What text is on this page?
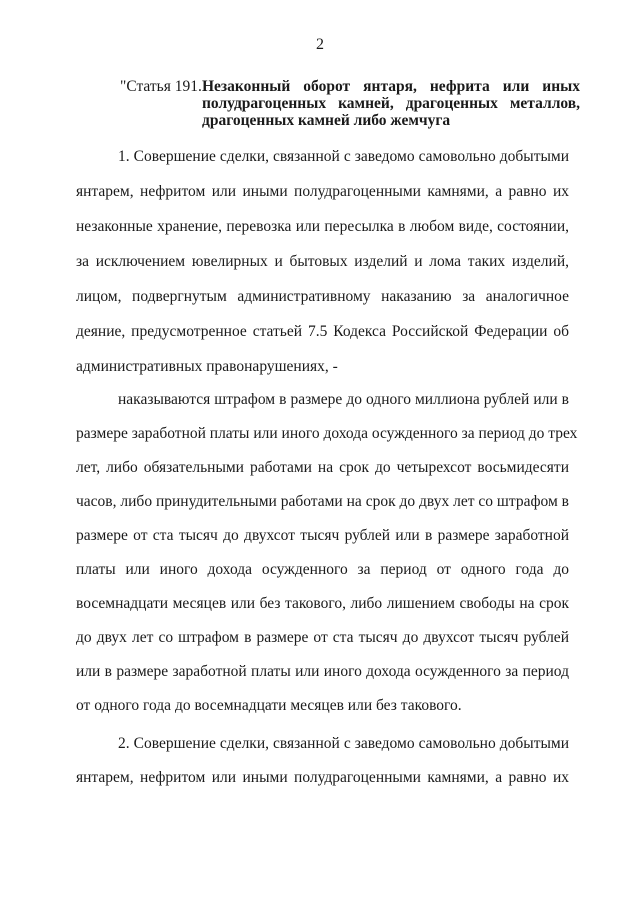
2
"Статья 191. Незаконный оборот янтаря, нефрита или иных полудрагоценных камней, драгоценных металлов, драгоценных камней либо жемчуга
1. Совершение сделки, связанной с заведомо самовольно добытыми
янтарем, нефритом или иными полудрагоценными камнями, а равно их
незаконные хранение, перевозка или пересылка в любом виде, состоянии,
за исключением ювелирных и бытовых изделий и лома таких изделий,
лицом, подвергнутым административному наказанию за аналогичное
деяние, предусмотренное статьей 7.5 Кодекса Российской Федерации об
административных правонарушениях, -
наказываются штрафом в размере до одного миллиона рублей или в
размере заработной платы или иного дохода осужденного за период до трех
лет, либо обязательными работами на срок до четырехсот восьмидесяти
часов, либо принудительными работами на срок до двух лет со штрафом в
размере от ста тысяч до двухсот тысяч рублей или в размере заработной
платы или иного дохода осужденного за период от одного года до
восемнадцати месяцев или без такового, либо лишением свободы на срок
до двух лет со штрафом в размере от ста тысяч до двухсот тысяч рублей
или в размере заработной платы или иного дохода осужденного за период
от одного года до восемнадцати месяцев или без такового.
2. Совершение сделки, связанной с заведомо самовольно добытыми
янтарем, нефритом или иными полудрагоценными камнями, а равно их
